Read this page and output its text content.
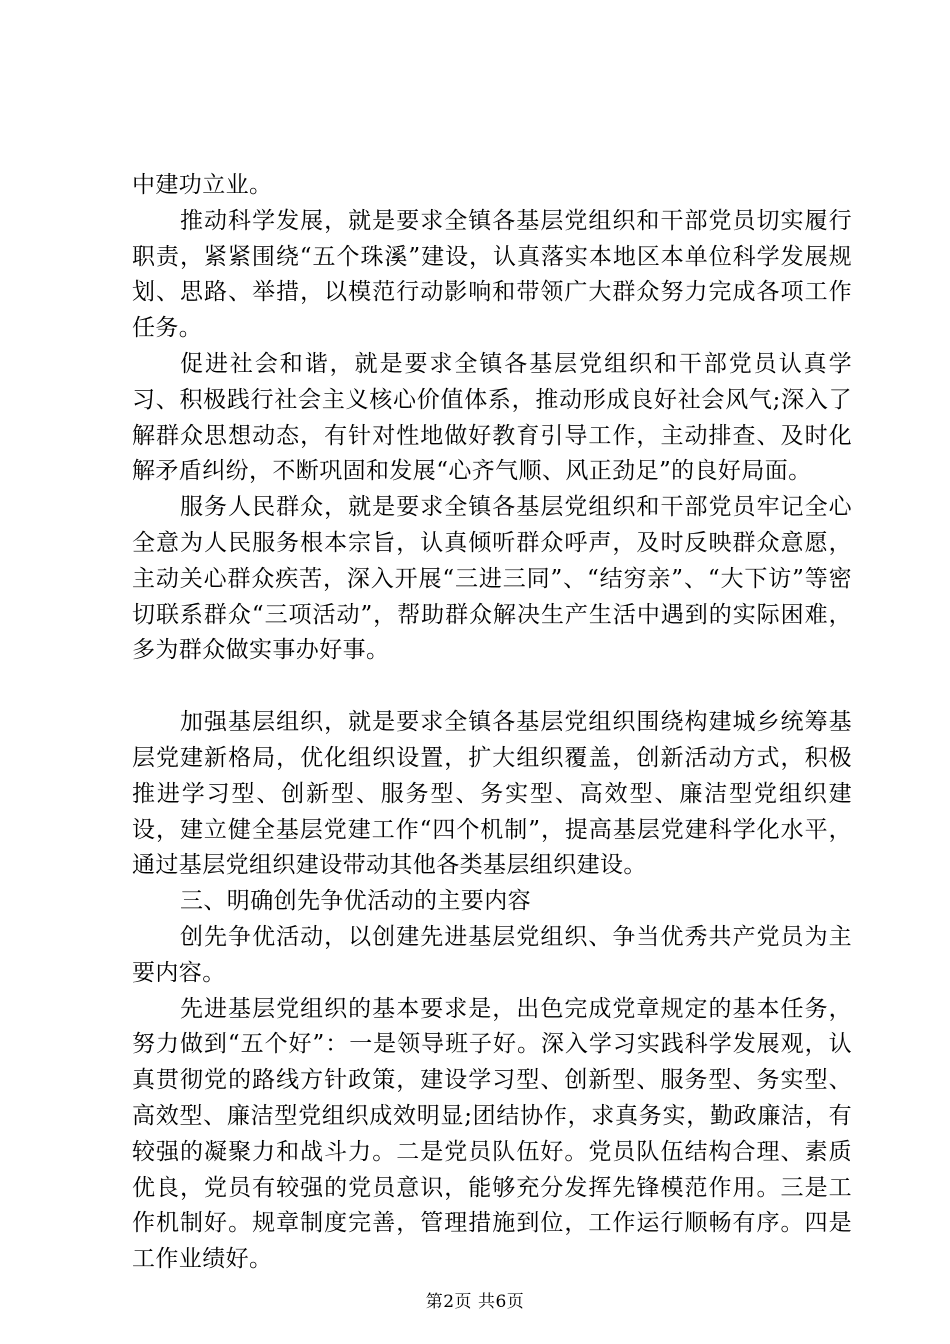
中建功立业。

推动科学发展，就是要求全镇各基层党组织和干部党员切实履行职责，紧紧围绕“五个珠溪”建设，认真落实本地区本单位科学发展规划、思路、举措，以模范行动影响和带领广大群众努力完成各项工作任务。

促进社会和谐，就是要求全镇各基层党组织和干部党员认真学习、积极践行社会主义核心价值体系，推动形成良好社会风气;深入了解群众思想动态，有针对性地做好教育引导工作，主动排查、及时化解矛盾纠纷，不断巩固和发展“心齐气顺、风正劲足”的良好局面。

服务人民群众，就是要求全镇各基层党组织和干部党员牢记全心全意为人民服务根本宗旨，认真倾听群众呼声，及时反映群众意愿，主动关心群众疾苦，深入开展“三进三同”、“结穷亲”、“大下访”等密切联系群众“三项活动”，帮助群众解决生产生活中遇到的实际困难，多为群众做实事办好事。

加强基层组织，就是要求全镇各基层党组织围绕构建城乡统筹基层党建新格局，优化组织设置，扩大组织覆盖，创新活动方式，积极推进学习型、创新型、服务型、务实型、高效型、廉洁型党组织建设，建立健全基层党建工作“四个机制”，提高基层党建科学化水平，通过基层党组织建设带动其他各类基层组织建设。

三、明确创先争优活动的主要内容

创先争优活动，以创建先进基层党组织、争当优秀共产党员为主要内容。

先进基层党组织的基本要求是，出色完成党章规定的基本任务，努力做到“五个好”：一是领导班子好。深入学习实践科学发展观，认真贯彻党的路线方针政策，建设学习型、创新型、服务型、务实型、高效型、廉洁型党组织成效明显;团结协作，求真务实，勤政廉洁，有较强的凝聚力和战斗力。二是党员队伍好。党员队伍结构合理、素质优良，党员有较强的党员意识，能够充分发挥先锋模范作用。三是工作机制好。规章制度完善，管理措施到位，工作运行顺畅有序。四是工作业绩好。

第2页 共6页
